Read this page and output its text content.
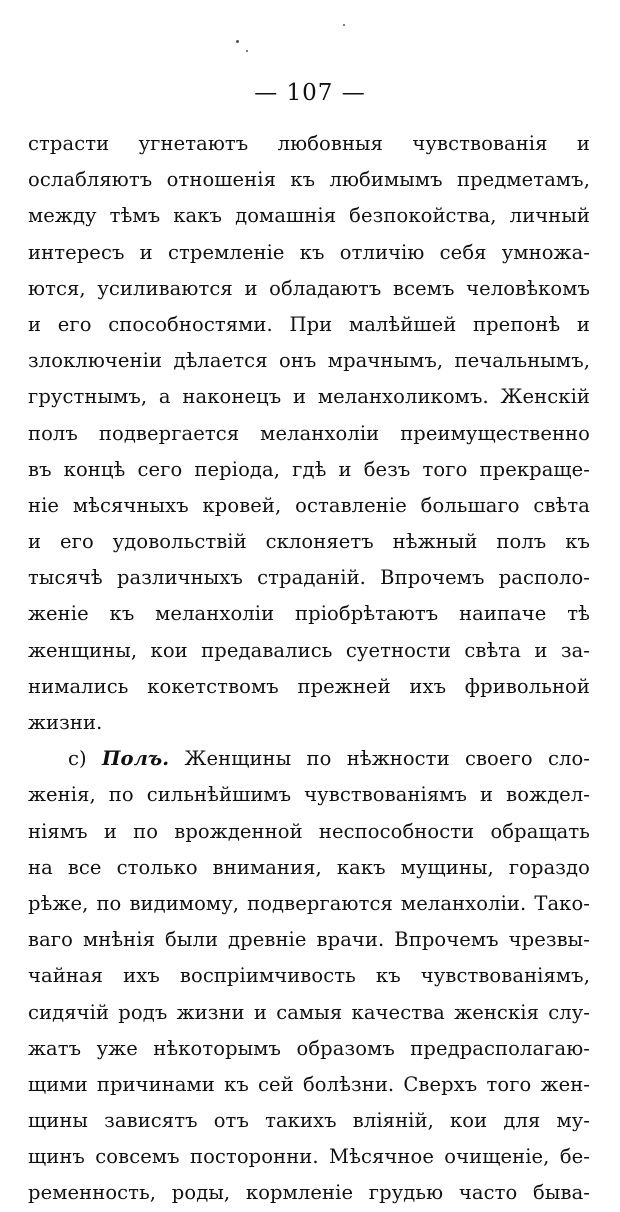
— 107 —
страсти угнетаютъ любовныя чувствованія и
ослабляютъ отношенія къ любимымъ предметамъ,
между тѣмъ какъ домашнія безпокойства, личный
интересъ и стремленіе къ отличію себя умножа-
ются, усиливаются и обладаютъ всемъ человѣкомъ
и его способностями. При малѣйшей препонѣ и
злоключеніи дѣлается онъ мрачнымъ, печальнымъ,
грустнымъ, а наконецъ и меланхоликомъ. Женскій
полъ подвергается меланхоліи преимущественно
въ концѣ сего періода, гдѣ и безъ того прекраще-
ніе мѣсячныхъ кровей, оставленіе большаго свѣта
и его удовольствій склоняетъ нѣжный полъ къ
тысячѣ различныхъ страданій. Впрочемъ располо-
женіе къ меланхоліи пріобрѣтаютъ наипаче тѣ
женщины, кои предавались суетности свѣта и за-
нимались кокетствомъ прежней ихъ фривольной
жизни.
c) Полъ. Женщины по нѣжности своего сло-
женія, по сильнѣйшимъ чувствованіямъ и вождел-
ніямъ и по врожденной неспособности обращать
на все столько внимания, какъ мущины, гораздо
рѣже, по видимому, подвергаются меланхоліи. Тако-
ваго мнѣнія были древніе врачи. Впрочемъ чрезвы-
чайная ихъ воспріимчивость къ чувствованіямъ,
сидячій родъ жизни и самыя качества женскія слу-
жатъ уже нѣкоторымъ образомъ предрасполагаю-
щими причинами къ сей болѣзни. Сверхъ того жен-
щины зависятъ отъ такихъ вліяній, кои для му-
щинъ совсемъ посторонни. Мѣсячное очищеніе, бе-
ременность, роды, кормленіе грудью часто быва-
